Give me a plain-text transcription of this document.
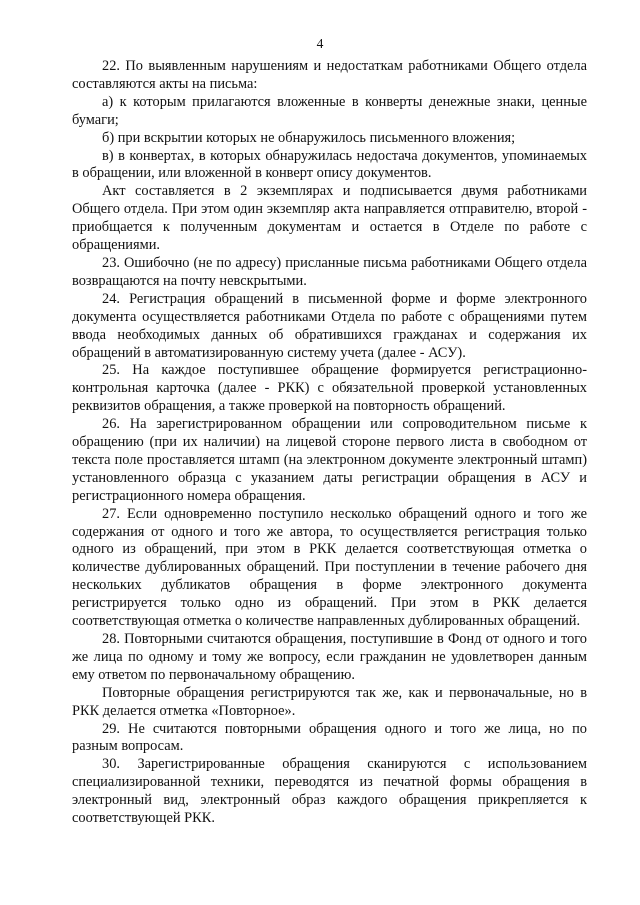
4

22. По выявленным нарушениям и недостаткам работниками Общего отдела составляются акты на письма:

а) к которым прилагаются вложенные в конверты денежные знаки, ценные бумаги;

б) при вскрытии которых не обнаружилось письменного вложения;

в) в конвертах, в которых обнаружилась недостача документов, упоминаемых в обращении, или вложенной в конверт опису документов.

Акт составляется в 2 экземплярах и подписывается двумя работниками Общего отдела. При этом один экземпляр акта направляется отправителю, второй - приобщается к полученным документам и остается в Отделе по работе с обращениями.

23. Ошибочно (не по адресу) присланные письма работниками Общего отдела возвращаются на почту невскрытыми.

24. Регистрация обращений в письменной форме и форме электронного документа осуществляется работниками Отдела по работе с обращениями путем ввода необходимых данных об обратившихся гражданах и содержания их обращений в автоматизированную систему учета (далее - АСУ).

25. На каждое поступившее обращение формируется регистрационно-контрольная карточка (далее - РКК) с обязательной проверкой установленных реквизитов обращения, а также проверкой на повторность обращений.

26. На зарегистрированном обращении или сопроводительном письме к обращению (при их наличии) на лицевой стороне первого листа в свободном от текста поле проставляется штамп (на электронном документе электронный штамп) установленного образца с указанием даты регистрации обращения в АСУ и регистрационного номера обращения.

27. Если одновременно поступило несколько обращений одного и того же содержания от одного и того же автора, то осуществляется регистрация только одного из обращений, при этом в РКК делается соответствующая отметка о количестве дублированных обращений. При поступлении в течение рабочего дня нескольких дубликатов обращения в форме электронного документа регистрируется только одно из обращений. При этом в РКК делается соответствующая отметка о количестве направленных дублированных обращений.

28. Повторными считаются обращения, поступившие в Фонд от одного и того же лица по одному и тому же вопросу, если гражданин не удовлетворен данным ему ответом по первоначальному обращению.

Повторные обращения регистрируются так же, как и первоначальные, но в РКК делается отметка «Повторное».

29. Не считаются повторными обращения одного и того же лица, но по разным вопросам.

30. Зарегистрированные обращения сканируются с использованием специализированной техники, переводятся из печатной формы обращения в электронный вид, электронный образ каждого обращения прикрепляется к соответствующей РКК.
